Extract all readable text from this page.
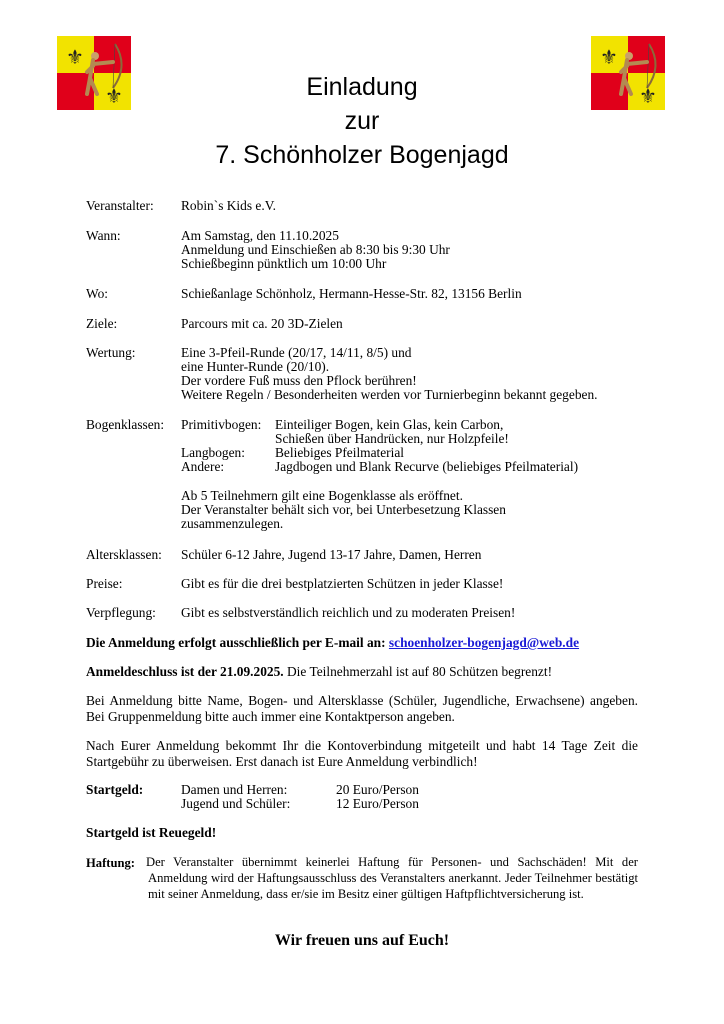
⚜
⚜
⚜
⚜
Einladung
zur
7. Schönholzer Bogenjagd
Veranstalter: Robin`s Kids e.V.
Wann:	Am Samstag, den 11.10.2025
Anmeldung und Einschießen ab 8:30 bis 9:30 Uhr
Schießbeginn pünktlich um 10:00 Uhr
Wo:	Schießanlage Schönholz, Hermann-Hesse-Str. 82, 13156 Berlin
Ziele:	Parcours mit ca. 20 3D-Zielen
Wertung:	Eine 3-Pfeil-Runde (20/17, 14/11, 8/5) und
eine Hunter-Runde (20/10).
Der vordere Fuß muss den Pflock berühren!
Weitere Regeln / Besonderheiten werden vor Turnierbeginn bekannt gegeben.
Bogenklassen: Primitivbogen: Einteiliger Bogen, kein Glas, kein Carbon,
Schießen über Handrücken, nur Holzpfeile!
Langbogen: Beliebiges Pfeilmaterial
Andere:	Jagdbogen und Blank Recurve (beliebiges Pfeilmaterial)
Ab 5 Teilnehmern gilt eine Bogenklasse als eröffnet.
Der Veranstalter behält sich vor, bei Unterbesetzung Klassen
zusammenzulegen.
Altersklassen: Schüler 6-12 Jahre, Jugend 13-17 Jahre, Damen, Herren
Preise:	Gibt es für die drei bestplatzierten Schützen in jeder Klasse!
Verpflegung: Gibt es selbstverständlich reichlich und zu moderaten Preisen!
Die Anmeldung erfolgt ausschließlich per E-mail an: schoenholzer-bogenjagd@web.de
Anmeldeschluss ist der 21.09.2025. Die Teilnehmerzahl ist auf 80 Schützen begrenzt!
Bei Anmeldung bitte Name, Bogen- und Altersklasse (Schüler, Jugendliche, Erwachsene) angeben. Bei Gruppenmeldung bitte auch immer eine Kontaktperson angeben.
Nach Eurer Anmeldung bekommt Ihr die Kontoverbindung mitgeteilt und habt 14 Tage Zeit die Startgebühr zu überweisen. Erst danach ist Eure Anmeldung verbindlich!
Startgeld:	Damen und Herren:	20 Euro/Person
Jugend und Schüler:	12 Euro/Person
Startgeld ist Reuegeld!
Haftung: Der Veranstalter übernimmt keinerlei Haftung für Personen- und Sachschäden! Mit der Anmeldung wird der Haftungsausschluss des Veranstalters anerkannt. Jeder Teilnehmer bestätigt mit seiner Anmeldung, dass er/sie im Besitz einer gültigen Haftpflichtversicherung ist.
Wir freuen uns auf Euch!
